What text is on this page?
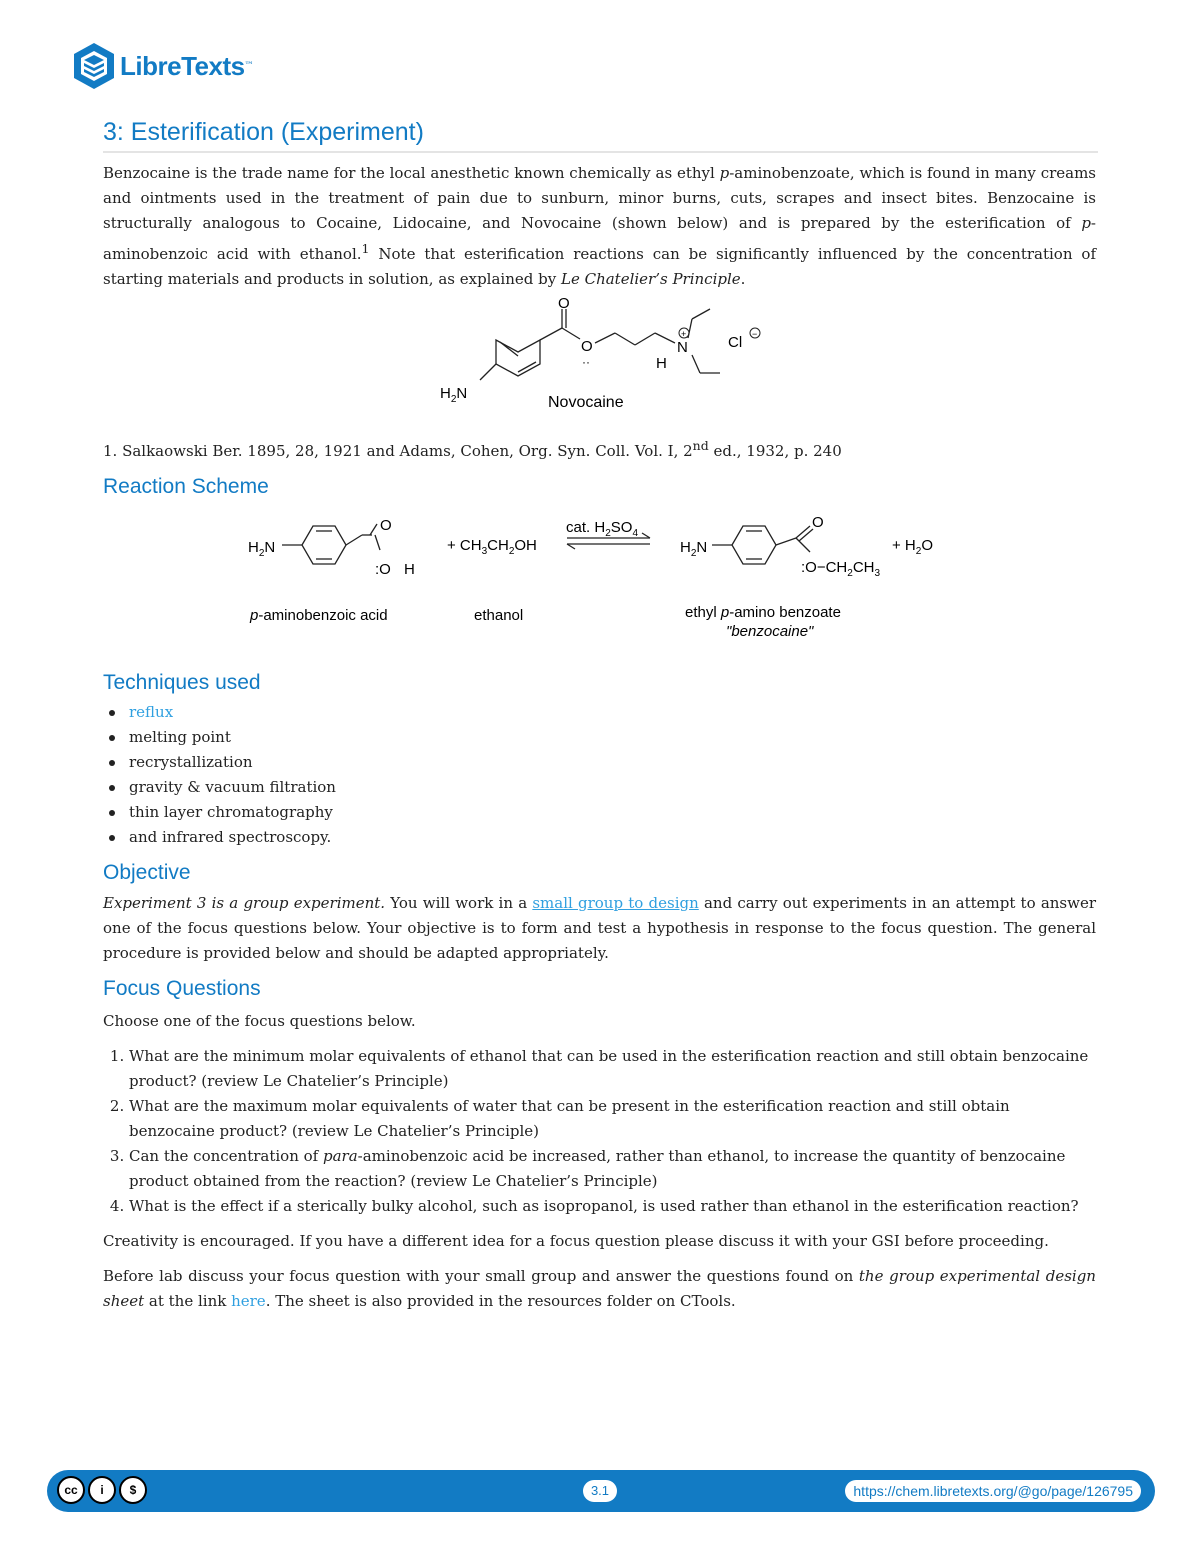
LibreTexts ™
3: Esterification (Experiment)

Benzocaine is the trade name for the local anesthetic known chemically as ethyl p-aminobenzoate, which is found in many creams and ointments used in the treatment of pain due to sunburn, minor burns, cuts, scrapes and insect bites. Benzocaine is structurally analogous to Cocaine, Lidocaine, and Novocaine (shown below) and is prepared by the esterification of p-aminobenzoic acid with ethanol.$^1$ Note that esterification reactions can be significantly influenced by the concentration of starting materials and products in solution, as explained by Le Chatelier’s Principle.

O
O
··
N
+
H
Cl −
$H_2N$
Novocaine

1. Salkaowski Ber. 1895, 28, 1921 and Adams, Cohen, Org. Syn. Coll. Vol. I, 2nd ed., 1932, p. 240

Reaction Scheme
$H_2N$
O
:O H
+ $CH_3CH_2OH$
cat. $H_2SO_4$
$H_2N$
O
$:O-CH_2CH_3$
+ $H_2O$
p-aminobenzoic acid	ethanol	ethyl p-amino benzoate
"benzocaine"
Techniques used
reflux
melting point
recrystallization
gravity & vacuum filtration
thin layer chromatography
and infrared spectroscopy.
Objective

Experiment 3 is a group experiment. You will work in a small group to design and carry out experiments in an attempt to answer one of the focus questions below. Your objective is to form and test a hypothesis in response to the focus question. The general procedure is provided below and should be adapted appropriately.

Focus Questions

Choose one of the focus questions below.

1. What are the minimum molar equivalents of ethanol that can be used in the esterification reaction and still obtain benzocaine product? (review Le Chatelier’s Principle)
2. What are the maximum molar equivalents of water that can be present in the esterification reaction and still obtain benzocaine product? (review Le Chatelier’s Principle)
3. Can the concentration of para-aminobenzoic acid be increased, rather than ethanol, to increase the quantity of benzocaine product obtained from the reaction? (review Le Chatelier’s Principle)
4. What is the effect if a sterically bulky alcohol, such as isopropanol, is used rather than ethanol in the esterification reaction?

Creativity is encouraged. If you have a different idea for a focus question please discuss it with your GSI before proceeding.

Before lab discuss your focus question with your small group and answer the questions found on the group experimental design sheet at the link here. The sheet is also provided in the resources folder on CTools.

cc	i	$	3.1	https://chem.libretexts.org/@go/page/126795
